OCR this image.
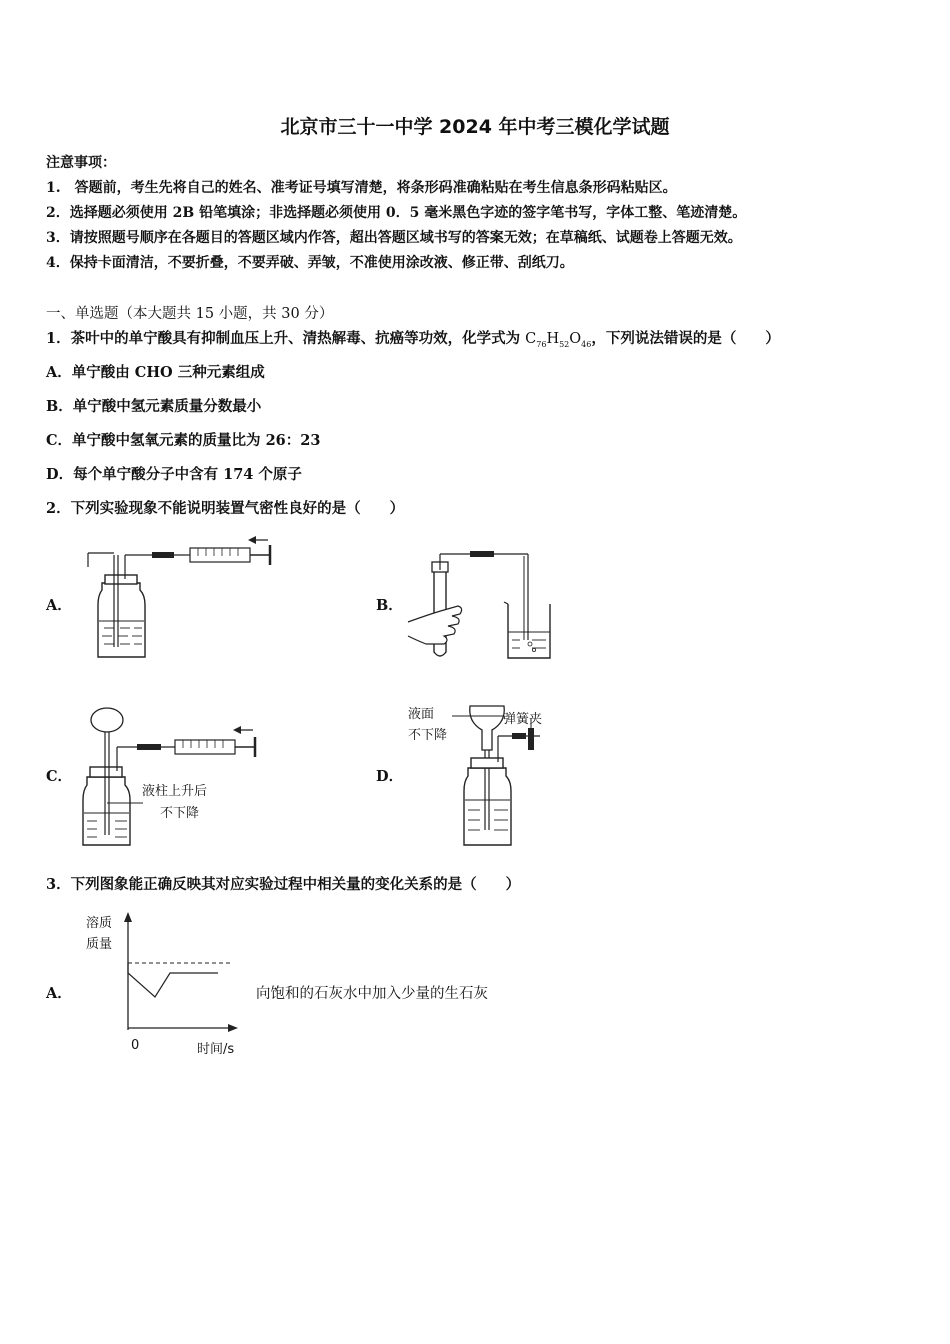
北京市三十一中学 2024 年中考三模化学试题
注意事项：
1.　答题前，考生先将自己的姓名、准考证号填写清楚，将条形码准确粘贴在考生信息条形码粘贴区。
2．选择题必须使用 2B 铅笔填涂；非选择题必须使用 0．5 毫米黑色字迹的签字笔书写，字体工整、笔迹清楚。
3．请按照题号顺序在各题目的答题区域内作答，超出答题区域书写的答案无效；在草稿纸、试题卷上答题无效。
4．保持卡面清洁，不要折叠，不要弄破、弄皱，不准使用涂改液、修正带、刮纸刀。
一、单选题（本大题共 15 小题，共 30 分）
1．茶叶中的单宁酸具有抑制血压上升、清热解毒、抗癌等功效，化学式为 $C_{76}H_{52}O_{46}$，下列说法错误的是（　　）
A．单宁酸由 CHO 三种元素组成
B．单宁酸中氢元素质量分数最小
C．单宁酸中氢氧元素的质量比为 26：23
D．每个单宁酸分子中含有 174 个原子
2．下列实验现象不能说明装置气密性良好的是（　　）
A．	B．
C．
液柱上升后
不下降
D．
液面
不下降
弹簧夹
3．下列图象能正确反映其对应实验过程中相关量的变化关系的是（　　）
A．
溶质
质量
0	时间/s
向饱和的石灰水中加入少量的生石灰
